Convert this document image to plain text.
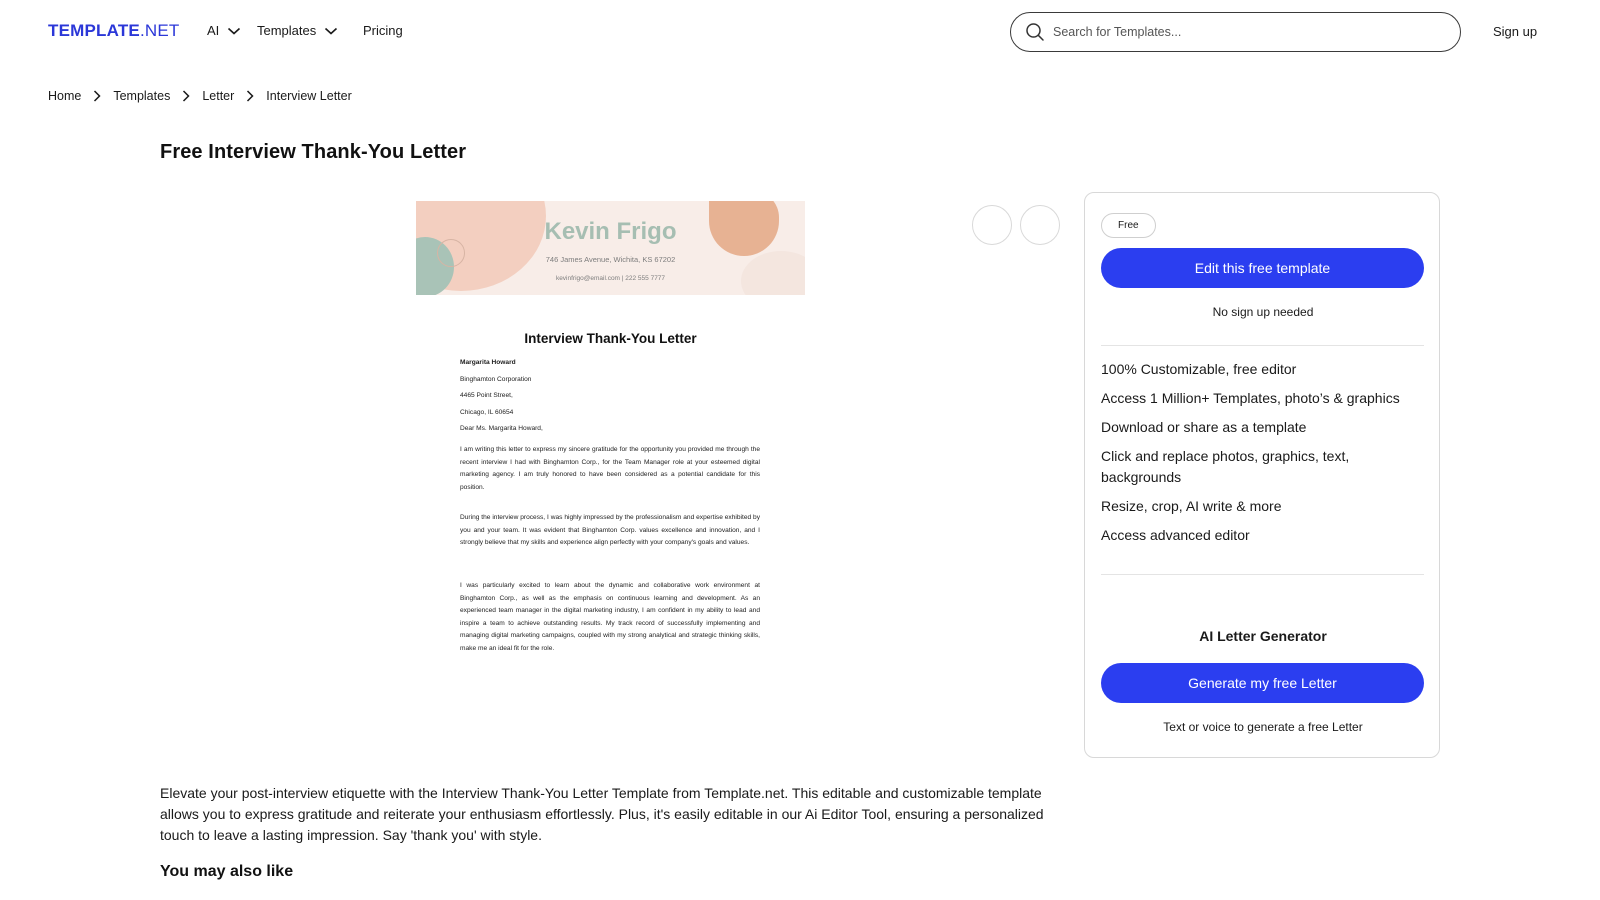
TEMPLATE.NET AI	Templates	Pricing
Search for Templates...	Sign up
Home	Templates	Letter	Interview Letter
Free Interview Thank-You Letter
Kevin Frigo
746 James Avenue, Wichita, KS 67202
kevinfrigo@email.com | 222 555 7777
Interview Thank-You Letter
Margarita Howard
Binghamton Corporation
4465 Point Street,
Chicago, IL 60654
Dear Ms. Margarita Howard,
I am writing this letter to express my sincere gratitude for the opportunity you provided me through the recent interview I had with Binghamton Corp., for the Team Manager role at your esteemed digital marketing agency. I am truly honored to have been considered as a potential candidate for this position.
During the interview process, I was highly impressed by the professionalism and expertise exhibited by you and your team. It was evident that Binghamton Corp. values excellence and innovation, and I strongly believe that my skills and experience align perfectly with your company's goals and values.
I was particularly excited to learn about the dynamic and collaborative work environment at Binghamton Corp., as well as the emphasis on continuous learning and development. As an experienced team manager in the digital marketing industry, I am confident in my ability to lead and inspire a team to achieve outstanding results. My track record of successfully implementing and managing digital marketing campaigns, coupled with my strong analytical and strategic thinking skills, make me an ideal fit for the role.
Free
Edit this free template
No sign up needed
100% Customizable, free editor
Access 1 Million+ Templates, photo’s & graphics
Download or share as a template
Click and replace photos, graphics, text, backgrounds
Resize, crop, AI write & more
Access advanced editor
AI Letter Generator
Generate my free Letter
Text or voice to generate a free Letter

Elevate your post-interview etiquette with the Interview Thank-You Letter Template from Template.net. This editable and customizable template allows you to express gratitude and reiterate your enthusiasm effortlessly. Plus, it's easily editable in our Ai Editor Tool, ensuring a personalized touch to leave a lasting impression. Say 'thank you' with style.

You may also like
